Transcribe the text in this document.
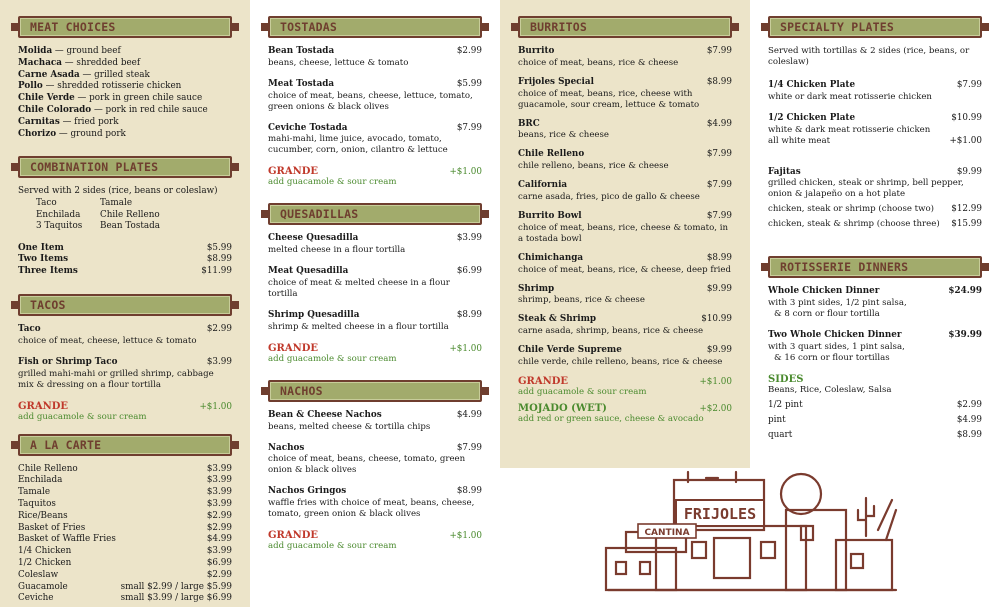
MEAT CHOICES
Molida — ground beef
Machaca — shredded beef
Carne Asada — grilled steak
Pollo — shredded rotisserie chicken
Chile Verde — pork in green chile sauce
Chile Colorado — pork in red chile sauce
Carnitas — fried pork
Chorizo — ground pork
COMBINATION PLATES
Served with 2 sides (rice, beans or coleslaw)
Taco	Tamale
Enchilada	Chile Relleno
3 Taquitos	Bean Tostada
One Item	$5.99
Two Items	$8.99
Three Items	$11.99
TACOS
Taco	$2.99
choice of meat, cheese, lettuce & tomato
Fish or Shrimp Taco	$3.99
grilled mahi-mahi or grilled shrimp, cabbage mix & dressing on a flour tortilla
GRANDE	+$1.00
add guacamole & sour cream
A LA CARTE
Chile Relleno	$3.99
Enchilada	$3.99
Tamale	$3.99
Taquitos	$3.99
Rice/Beans	$2.99
Basket of Fries	$2.99
Basket of Waffle Fries	$4.99
1/4 Chicken	$3.99
1/2 Chicken	$6.99
Coleslaw	$2.99
Guacamole	small $2.99 / large $5.99
Ceviche	small $3.99 / large $6.99
TOSTADAS
Bean Tostada	$2.99
beans, cheese, lettuce & tomato
Meat Tostada	$5.99
choice of meat, beans, cheese, lettuce, tomato, green onions & black olives
Ceviche Tostada	$7.99
mahi-mahi, lime juice, avocado, tomato, cucumber, corn, onion, cilantro & lettuce
GRANDE	+$1.00
add guacamole & sour cream
QUESADILLAS
Cheese Quesadilla	$3.99
melted cheese in a flour tortilla
Meat Quesadilla	$6.99
choice of meat & melted cheese in a flour tortilla
Shrimp Quesadilla	$8.99
shrimp & melted cheese in a flour tortilla
GRANDE	+$1.00
add guacamole & sour cream
NACHOS
Bean & Cheese Nachos	$4.99
beans, melted cheese & tortilla chips
Nachos	$7.99
choice of meat, beans, cheese, tomato, green onion & black olives
Nachos Gringos	$8.99
waffle fries with choice of meat, beans, cheese, tomato, green onion & black olives
GRANDE	+$1.00
add guacamole & sour cream
BURRITOS
Burrito	$7.99
choice of meat, beans, rice & cheese
Frijoles Special	$8.99
choice of meat, beans, rice, cheese with guacamole, sour cream, lettuce & tomato
BRC	$4.99
beans, rice & cheese
Chile Relleno	$7.99
chile relleno, beans, rice & cheese
California	$7.99
carne asada, fries, pico de gallo & cheese
Burrito Bowl	$7.99
choice of meat, beans, rice, cheese & tomato, in a tostada bowl
Chimichanga	$8.99
choice of meat, beans, rice, & cheese, deep fried
Shrimp	$9.99
shrimp, beans, rice & cheese
Steak & Shrimp	$10.99
carne asada, shrimp, beans, rice & cheese
Chile Verde Supreme	$9.99
chile verde, chile relleno, beans, rice & cheese
GRANDE	+$1.00
add guacamole & sour cream
MOJADO (WET)	+$2.00
add red or green sauce, cheese & avocado
SPECIALTY PLATES
Served with tortillas & 2 sides (rice, beans, or coleslaw)
1/4 Chicken Plate	$7.99
white or dark meat rotisserie chicken
1/2 Chicken Plate	$10.99
white & dark meat rotisserie chicken
all white meat	+$1.00
Fajitas	$9.99
grilled chicken, steak or shrimp, bell pepper, onion & jalapeño on a hot plate
chicken, steak or shrimp (choose two) $12.99
chicken, steak & shrimp (choose three) $15.99
ROTISSERIE DINNERS
Whole Chicken Dinner	$24.99
with 3 pint sides, 1/2 pint salsa,
& 8 corn or flour tortilla
Two Whole Chicken Dinner	$39.99
with 3 quart sides, 1 pint salsa,
& 16 corn or flour tortillas
SIDES
Beans, Rice, Coleslaw, Salsa
1/2 pint	$2.99
pint	$4.99
quart	$8.99
FRIJOLES
CANTINA
